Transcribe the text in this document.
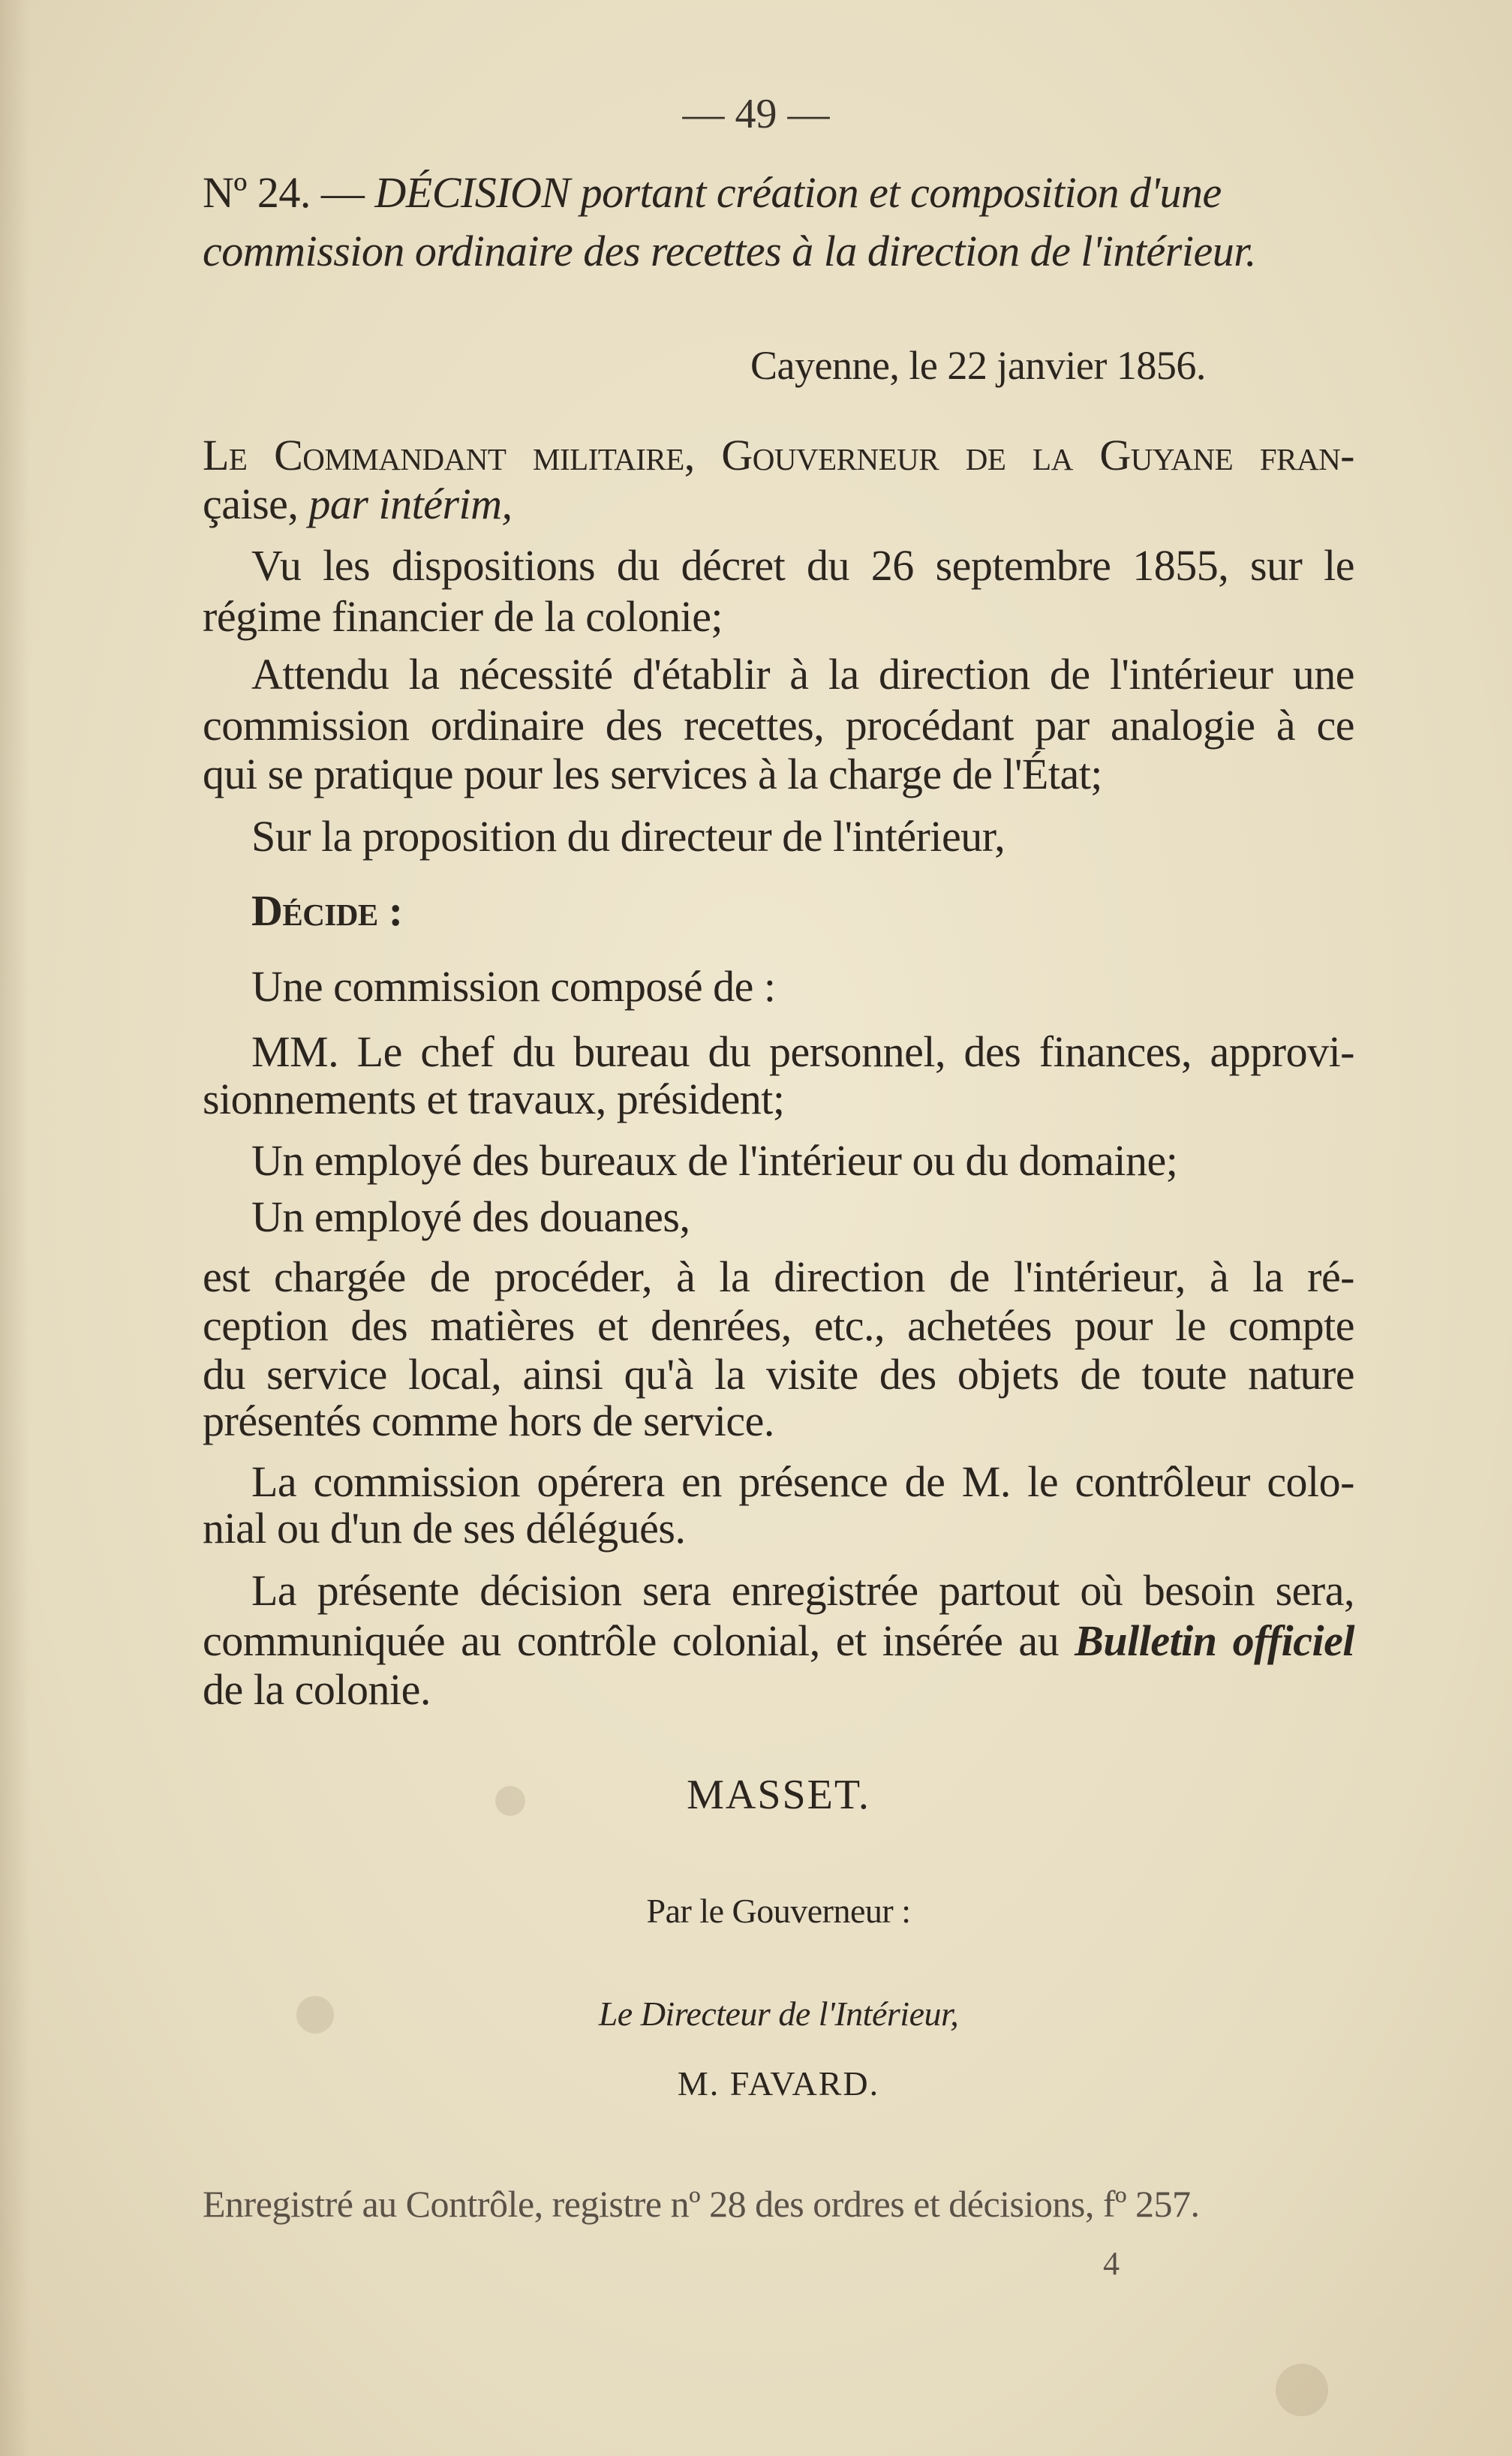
— 49 —
Nº 24. — DÉCISION portant création et composition d'une
commission ordinaire des recettes à la direction de l'intérieur.
Cayenne, le 22 janvier 1856.
Le Commandant militaire, Gouverneur de la Guyane fran-
çaise, par intérim,
Vu les dispositions du décret du 26 septembre 1855, sur le
régime financier de la colonie;
Attendu la nécessité d'établir à la direction de l'intérieur une
commission ordinaire des recettes, procédant par analogie à ce
qui se pratique pour les services à la charge de l'État;
Sur la proposition du directeur de l'intérieur,
Décide :
Une commission composé de :
MM. Le chef du bureau du personnel, des finances, approvi-
sionnements et travaux, président;
Un employé des bureaux de l'intérieur ou du domaine;
Un employé des douanes,
est chargée de procéder, à la direction de l'intérieur, à la ré-
ception des matières et denrées, etc., achetées pour le compte
du service local, ainsi qu'à la visite des objets de toute nature
présentés comme hors de service.
La commission opérera en présence de M. le contrôleur colo-
nial ou d'un de ses délégués.
La présente décision sera enregistrée partout où besoin sera,
communiquée au contrôle colonial, et insérée au Bulletin officiel
de la colonie.
MASSET.
Par le Gouverneur :
Le Directeur de l'Intérieur,
M. FAVARD.
Enregistré au Contrôle, registre nº 28 des ordres et décisions, fº 257.
4
